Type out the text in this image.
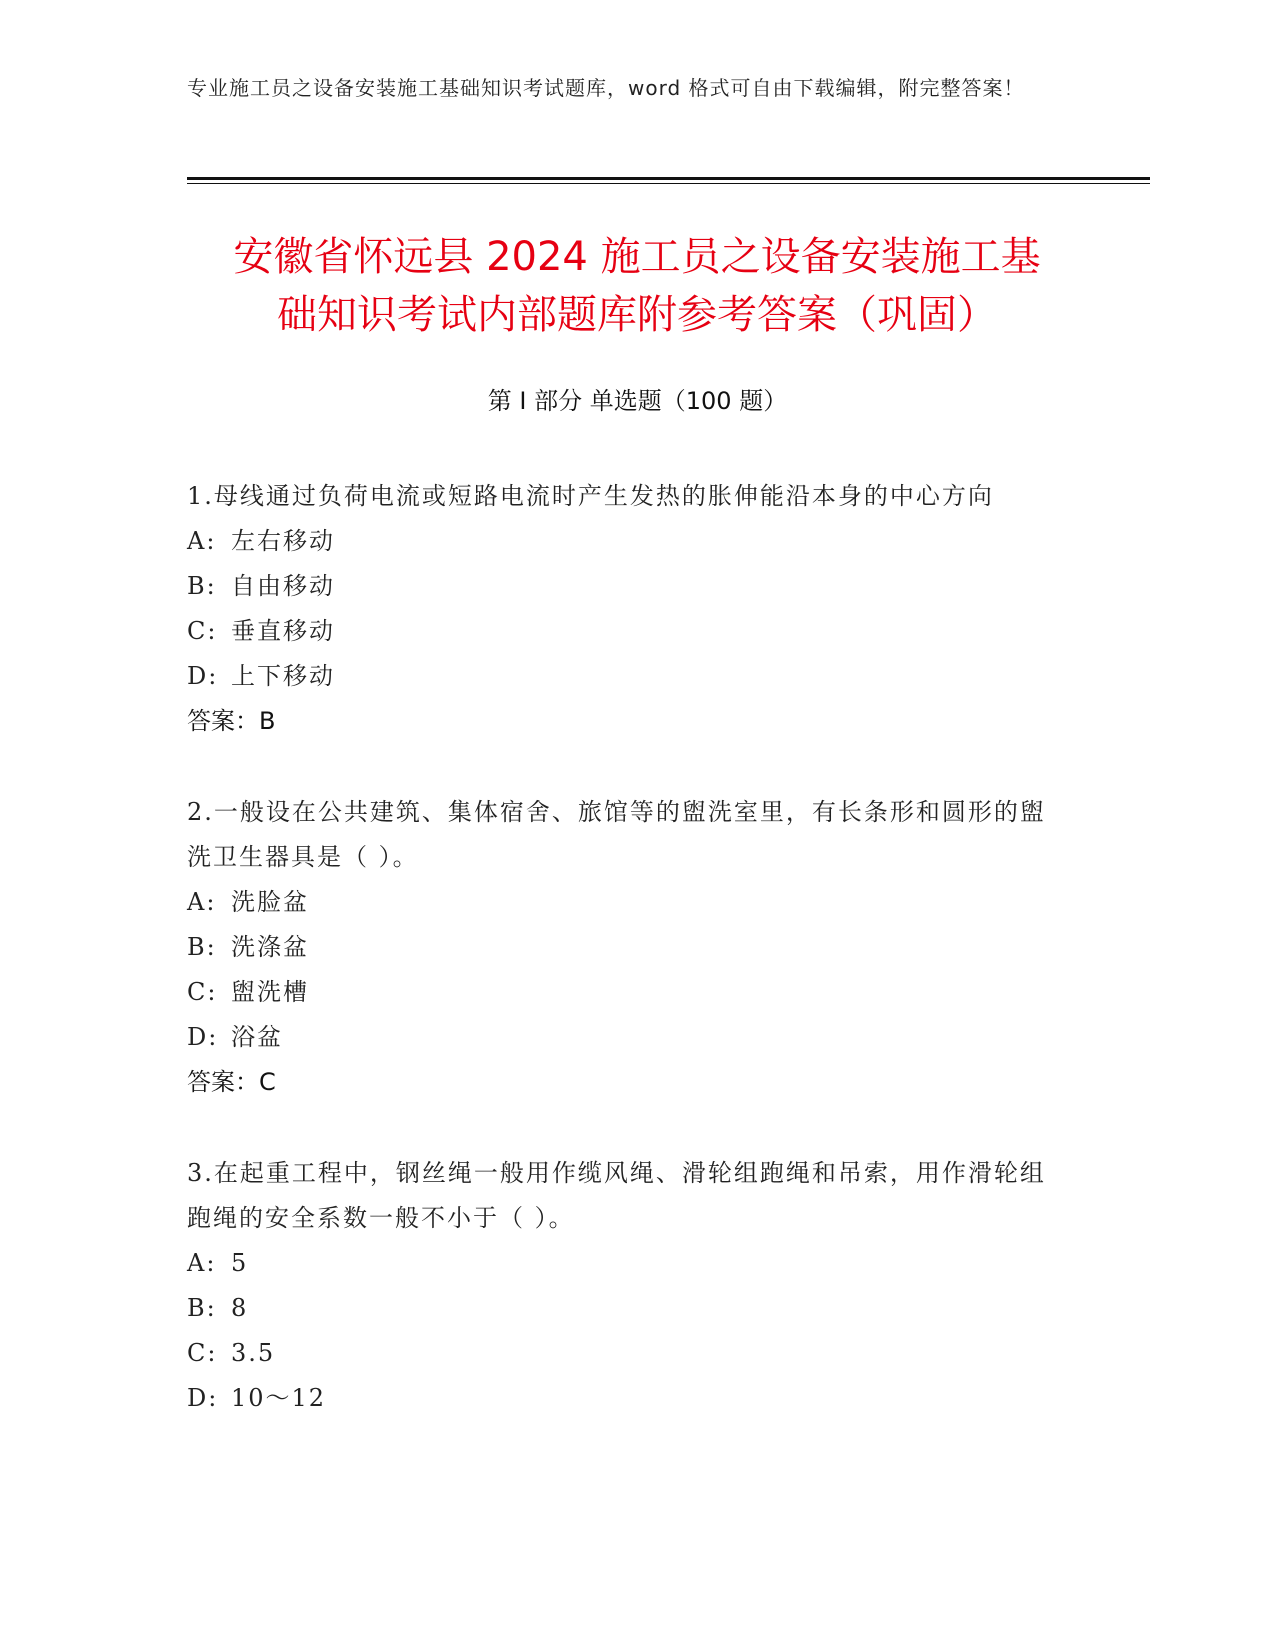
专业施工员之设备安装施工基础知识考试题库，word 格式可自由下载编辑，附完整答案！
安徽省怀远县 2024 施工员之设备安装施工基
础知识考试内部题库附参考答案（巩固）
第 I 部分 单选题（100 题）
1.母线通过负荷电流或短路电流时产生发热的胀伸能沿本身的中心方向
A: 左右移动
B: 自由移动
C: 垂直移动
D: 上下移动
答案：B
2.一般设在公共建筑、集体宿舍、旅馆等的盥洗室里，有长条形和圆形的盥洗卫生器具是（ ）。
A: 洗脸盆
B: 洗涤盆
C: 盥洗槽
D: 浴盆
答案：C
3.在起重工程中，钢丝绳一般用作缆风绳、滑轮组跑绳和吊索，用作滑轮组跑绳的安全系数一般不小于（ ）。
A: 5
B: 8
C: 3.5
D: 10～12
